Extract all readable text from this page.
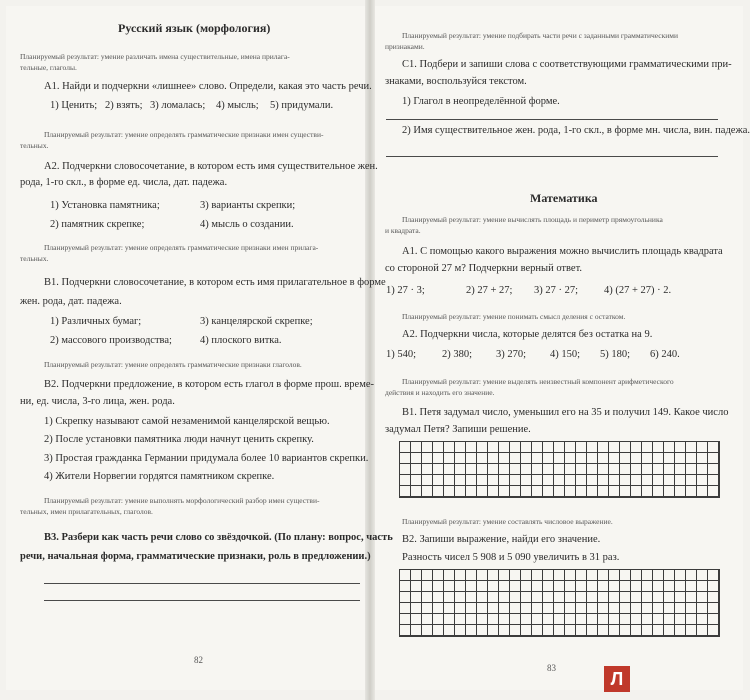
Русский язык (морфология)
Планируемый результат: умение различать имена существительные, имена прилага-
тельные, глаголы.
А1. Найди и подчеркни «лишнее» слово. Определи, какая это часть речи.
1) Ценить; 2) взять; 3) ломалась; 4) мысль; 5) придумали.
Планируемый результат: умение определять грамматические признаки имен существи-
тельных.
А2. Подчеркни словосочетание, в котором есть имя существительное жен.
рода, 1-го скл., в форме ед. числа, дат. падежа.
1) Установка памятника;	3) варианты скрепки;
2) памятник скрепке;	4) мысль о создании.
Планируемый результат: умение определять грамматические признаки имен прилага-
тельных.
В1. Подчеркни словосочетание, в котором есть имя прилагательное в форме
жен. рода, дат. падежа.
1) Различных бумаг;	3) канцелярской скрепке;
2) массового производства;	4) плоского витка.
Планируемый результат: умение определять грамматические признаки глаголов.
В2. Подчеркни предложение, в котором есть глагол в форме прош. време-
ни, ед. числа, 3-го лица, жен. рода.
1) Скрепку называют самой незаменимой канцелярской вещью.
2) После установки памятника люди начнут ценить скрепку.
3) Простая гражданка Германии придумала более 10 вариантов скрепки.
4) Жители Норвегии гордятся памятником скрепке.
Планируемый результат: умение выполнять морфологический разбор имен существи-
тельных, имен прилагательных, глаголов.
В3. Разбери как часть речи слово со звёздочкой. (По плану: вопрос, часть
речи, начальная форма, грамматические признаки, роль в предложении.)
82
Планируемый результат: умение подбирать части речи с заданными грамматическими
признаками.
С1. Подбери и запиши слова с соответствующими грамматическими при-
знаками, воспользуйся текстом.
1) Глагол в неопределённой форме.
2) Имя существительное жен. рода, 1-го скл., в форме мн. числа, вин. падежа.
Математика
Планируемый результат: умение вычислять площадь и периметр прямоугольника
и квадрата.
А1. С помощью какого выражения можно вычислить площадь квадрата
со стороной 27 м? Подчеркни верный ответ.
1) 27 · 3;	2) 27 + 27; 3) 27 · 27; 4) (27 + 27) · 2.
Планируемый результат: умение понимать смысл деления с остатком.
А2. Подчеркни числа, которые делятся без остатка на 9.
1) 540; 2) 380; 3) 270; 4) 150; 5) 180; 6) 240.
Планируемый результат: умение выделять неизвестный компонент арифметического
действия и находить его значение.
В1. Петя задумал число, уменьшил его на 35 и получил 149. Какое число
задумал Петя? Запиши решение.
Планируемый результат: умение составлять числовое выражение.
В2. Запиши выражение, найди его значение.
Разность чисел 5 908 и 5 090 увеличить в 31 раз.
83
Л
